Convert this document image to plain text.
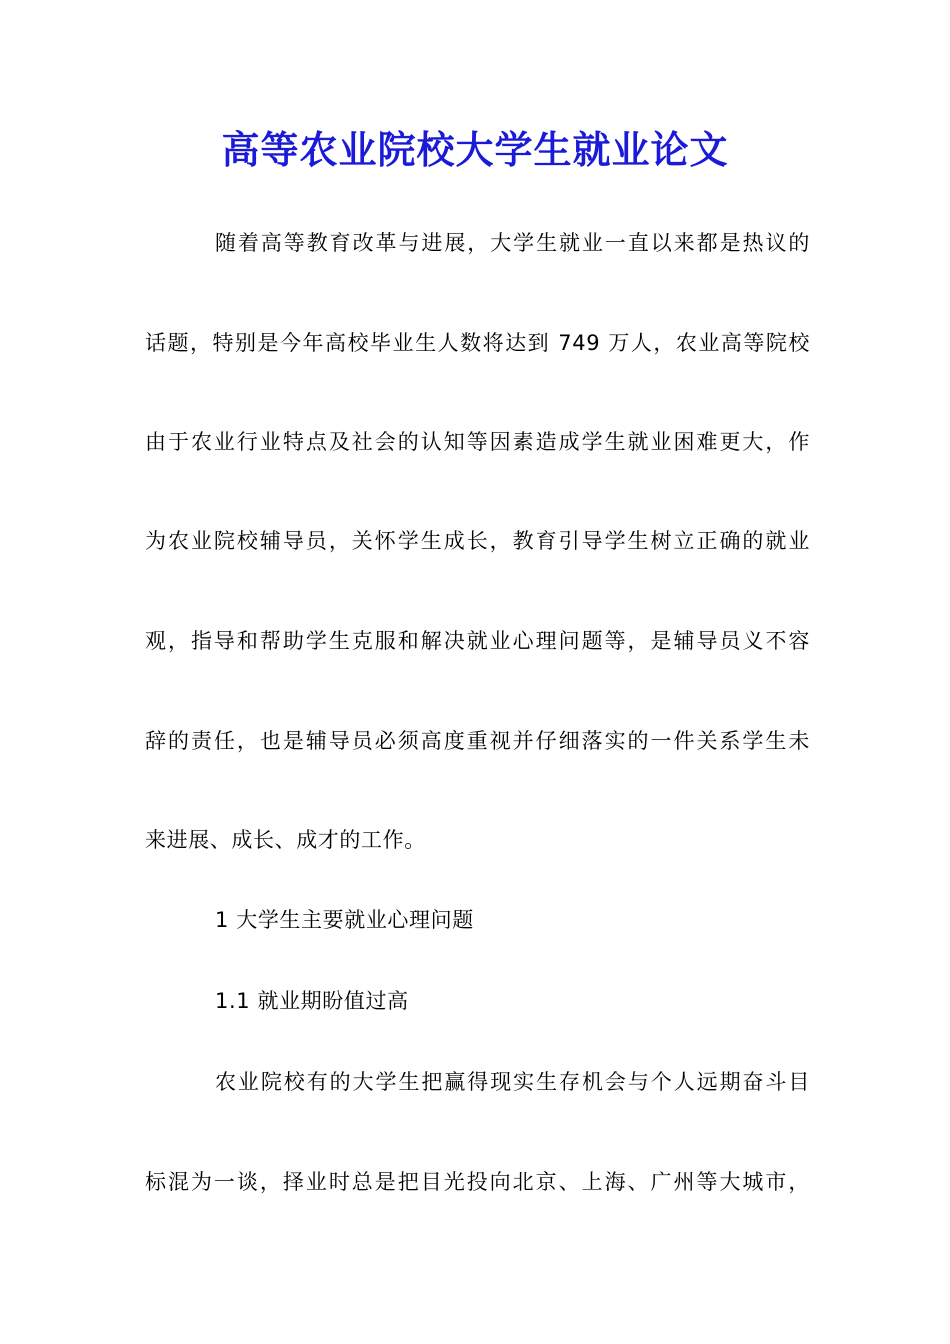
高等农业院校大学生就业论文
随着高等教育改革与进展，大学生就业一直以来都是热议的
话题，特别是今年高校毕业生人数将达到 749 万人，农业高等院校
由于农业行业特点及社会的认知等因素造成学生就业困难更大，作
为农业院校辅导员，关怀学生成长，教育引导学生树立正确的就业
观，指导和帮助学生克服和解决就业心理问题等，是辅导员义不容
辞的责任，也是辅导员必须高度重视并仔细落实的一件关系学生未
来进展、成长、成才的工作。
1 大学生主要就业心理问题
1.1 就业期盼值过高
农业院校有的大学生把赢得现实生存机会与个人远期奋斗目
标混为一谈，择业时总是把目光投向北京、上海、广州等大城市，
